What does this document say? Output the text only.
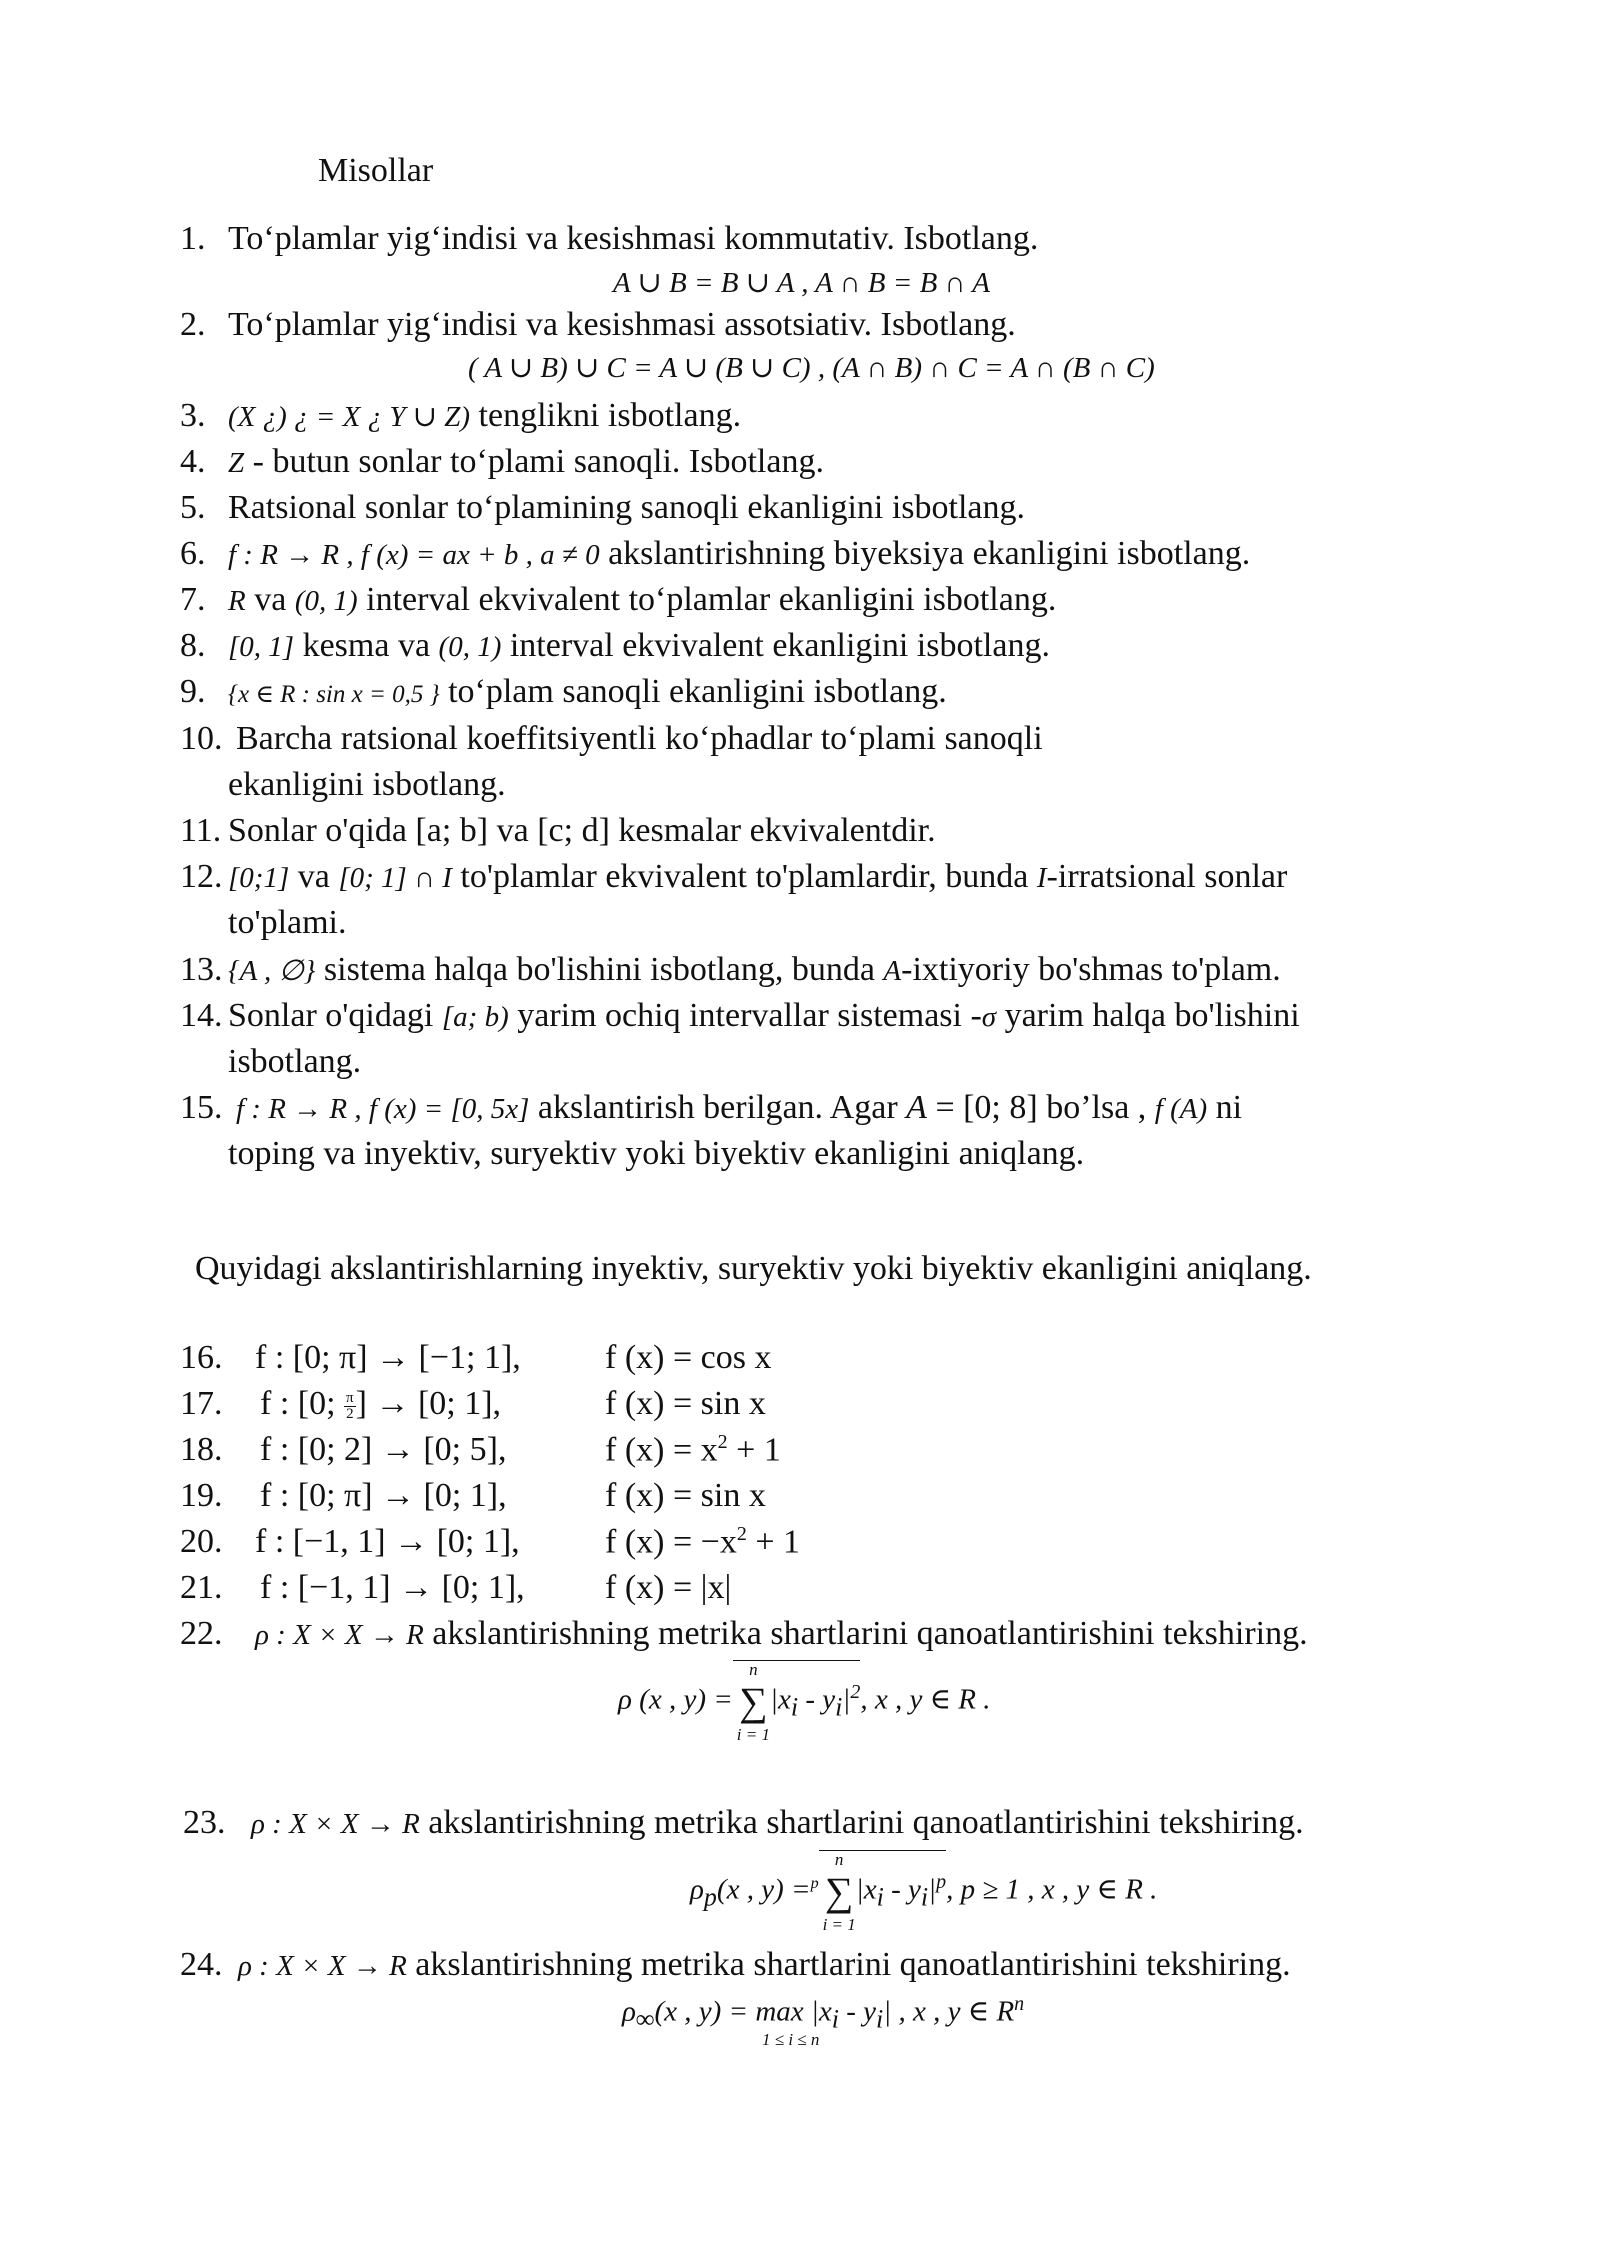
Misollar
1. To‘plamlar yig‘indisi va kesishmasi kommutativ. Isbotlang.
A ∪ B = B ∪ A , A ∩ B = B ∩ A
2. To‘plamlar yig‘indisi va kesishmasi assotsiativ. Isbotlang.
( A ∪ B) ∪ C = A ∪ (B ∪ C) , (A ∩ B) ∩ C = A ∩ (B ∩ C)
3. (X ¿) ¿ = X ¿ Y ∪ Z) tenglikni isbotlang.
4. Z - butun sonlar to‘plami sanoqli. Isbotlang.
5. Ratsional sonlar to‘plamining sanoqli ekanligini isbotlang.
6. f : R → R , f (x) = ax + b , a ≠ 0 akslantirishning biyeksiya ekanligini isbotlang.
7. R va (0, 1) interval ekvivalent to‘plamlar ekanligini isbotlang.
8. [0, 1] kesma va (0, 1) interval ekvivalent ekanligini isbotlang.
9. {x ∈ R : sin x = 0,5 } to‘plam sanoqli ekanligini isbotlang.
10. Barcha ratsional koeffitsiyentli ko‘phadlar to‘plami sanoqli
ekanligini isbotlang.
11. Sonlar o'qida [a; b] va [c; d] kesmalar ekvivalentdir.
12. [0;1] va [0; 1] ∩ I to'plamlar ekvivalent to'plamlardir, bunda I-irratsional sonlar
to'plami.
13. {A , ∅} sistema halqa bo'lishini isbotlang, bunda A-ixtiyoriy bo'shmas to'plam.
14. Sonlar o'qidagi [a; b) yarim ochiq intervallar sistemasi -σ yarim halqa bo'lishini
isbotlang.
15. f : R → R , f (x) = [0, 5x] akslantirish berilgan. Agar A = [0; 8] bo’lsa , f (A) ni
toping va inyektiv, suryektiv yoki biyektiv ekanligini aniqlang.
Quyidagi akslantirishlarning inyektiv, suryektiv yoki biyektiv ekanligini aniqlang.
16. f : [0; π] → [−1; 1], f (x) = cos x
17. f : [0; $\frac{\pi}{2}$ ] → [0; 1],	f (x) = sin x
18. f : [0; 2] → [0; 5],	f $(x) = x^2 + 1$
19. f : [0; π] → [0; 1],	f (x) = sin x
20. f : [−1, 1] → [0; 1],	f $(x) = -x^2 + 1$
21. f : [−1, 1] → [0; 1], f (x) = |x|
22. ρ : X × X → R akslantirishning metrika shartlarini qanoatlantirishini tekshiring.
ρ (x , y) =
n
∑
i = 1
$|x_i - y_i|^2$, x , y ∈ R .
23. ρ : X × X → R akslantirishning metrika shartlarini qanoatlantirishini tekshiring.
$\rho_p(x$ , y) =$^p$
n
∑
i = 1
$|x_i - y_i|^p$, p ≥ 1 , x , y ∈ R .
24. ρ : X × X → R akslantirishning metrika shartlarini qanoatlantirishini tekshiring.
$\rho_\infty(x$ , $y) = \max |x_i - y_i|$ , x , y ∈ $R^n$
1 ≤ i ≤ n
